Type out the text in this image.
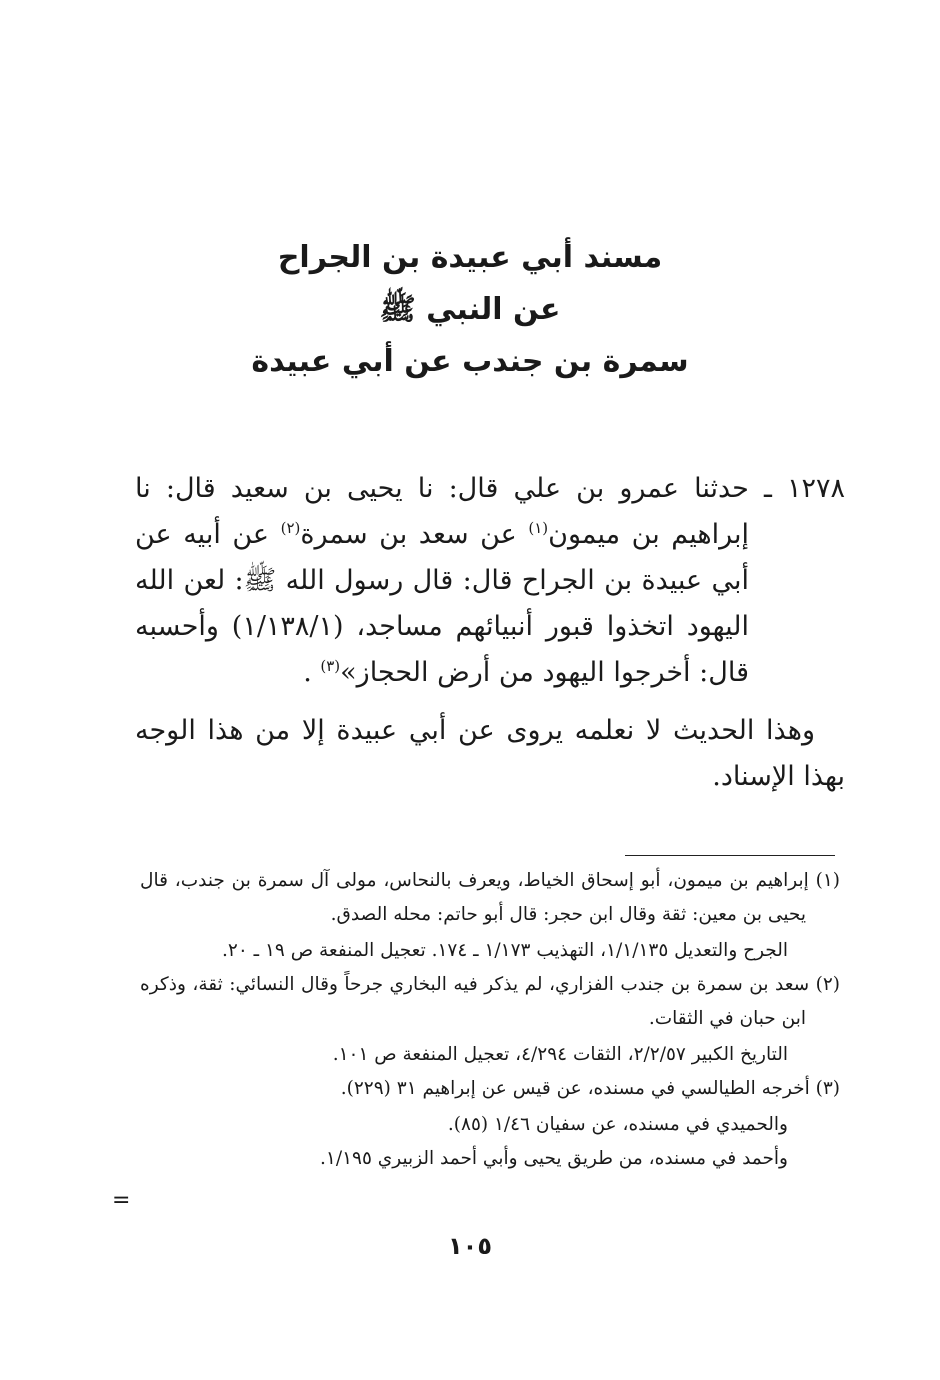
مسند أبي عبيدة بن الجراح
عن النبي ﷺ
سمرة بن جندب عن أبي عبيدة

١٢٧٨ ـ حدثنا عمرو بن علي قال: نا يحيى بن سعيد قال: نا إبراهيم بن ميمون$^{(١)}$ عن سعد بن سمرة$^{(٢)}$ عن أبيه عن أبي عبيدة بن الجراح قال: قال رسول الله ﷺ: لعن الله اليهود اتخذوا قبور أنبيائهم مساجد، (١/١٣٨/١) وأحسبه قال: أخرجوا اليهود من أرض الحجاز»$^{(٣)}$ .

وهذا الحديث لا نعلمه يروى عن أبي عبيدة إلا من هذا الوجه بهذا الإسناد.

(١) إبراهيم بن ميمون، أبو إسحاق الخياط، ويعرف بالنحاس، مولى آل سمرة بن جندب، قال يحيى بن معين: ثقة وقال ابن حجر: قال أبو حاتم: محله الصدق.

الجرح والتعديل ١/١/١٣٥، التهذيب ١/١٧٣ ـ ١٧٤. تعجيل المنفعة ص ١٩ ـ ٢٠.

(٢) سعد بن سمرة بن جندب الفزاري، لم يذكر فيه البخاري جرحاً وقال النسائي: ثقة، وذكره ابن حبان في الثقات.

التاريخ الكبير ٢/٢/٥٧، الثقات ٤/٢٩٤، تعجيل المنفعة ص ١٠١.

(٣) أخرجه الطيالسي في مسنده، عن قيس عن إبراهيم ٣١ (٢٢٩).

والحميدي في مسنده، عن سفيان ١/٤٦ (٨٥).

وأحمد في مسنده، من طريق يحيى وأبي أحمد الزبيري ١/١٩٥.

=
١٠٥
